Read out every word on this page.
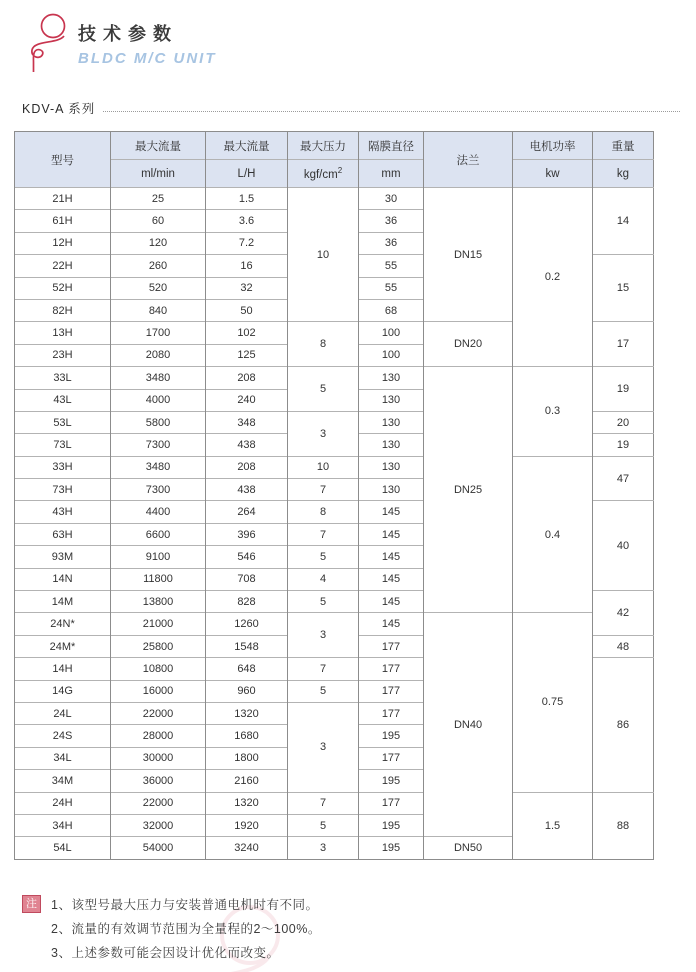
技术参数
BLDC M/C UNIT
KDV-A 系列
型号	最大流量	最大流量	最大压力	隔膜直径	法兰	电机功率	重量
	ml/min	L/H	kgf/$cm^2$	mm		kw	kg
21H	25	1.5	10	30	DN15	0.2	14
61H	60	3.6		36			
12H	120	7.2		36			
22H	260	16		55			15
52H	520	32		55			
82H	840	50		68			
13H	1700	102	8	100	DN20		17
23H	2080	125		100			
33L	3480	208	5	130	DN25	0.3	19
43L	4000	240		130			
53L	5800	348	3	130			20
73L	7300	438		130			19
33H	3480	208	10	130		0.4	47
73H	7300	438	7	130			
43H	4400	264	8	145			40
63H	6600	396	7	145			
93M	9100	546	5	145			
14N	11800	708	4	145			
14M	13800	828	5	145			42
24N*	21000	1260	3	145	DN40	0.75	
24M*	25800	1548		177			48
14H	10800	648	7	177			86
14G	16000	960	5	177			
24L	22000	1320	3	177			
24S	28000	1680		195			
34L	30000	1800		177			
34M	36000	2160		195			
24H	22000	1320	7	177		1.5	88
34H	32000	1920	5	195			
54L	54000	3240	3	195	DN50		
注	1、该型号最大压力与安装普通电机时有不同。
2、流量的有效调节范围为全量程的2～100%。
3、上述参数可能会因设计优化而改变。
